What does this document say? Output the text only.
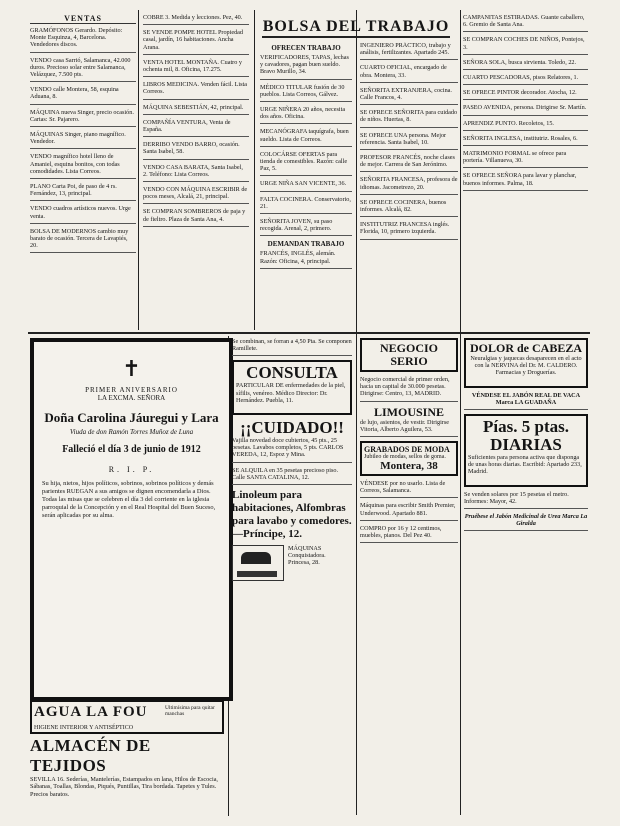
VENTAS
GRAMÓFONOS Gerardo. Depósito: Monte Esquinza, 4, Barcelona. Vendedores discos.
VENDO casa Sarrió, Salamanca, 42.000 duros. Precioso solar entre Salamanca, Velázquez, 7.500 pts.
VENDO calle Montera, 58, esquina Aduana, 8.
MÁQUINA nueva Singer, precio ocasión. Cartas: Sr. Pajarero.
MÁQUINAS Singer, piano magnífico. Vendedor.
VENDO magnífico hotel lleno de Amaniel, esquina bonitos, con todas comodidades. Lista Correos.
PLANO Carta Poi, de paso de 4 rs. Fernández, 13, principal.
VENDO cuadros artísticos nuevos. Urge venta.
BOLSA DE MODERNOS cambio muy barato de ocasión. Tercera de Lavapiés, 20.
COBRE 3. Medida y lecciones. Pez, 40.
SE VENDE POMPE HOTEL Propiedad casal, jardín, 16 habitaciones. Ancha Arana.
VENTA HOTEL MONTAÑA. Cuatro y ochenta mil, 8. Oficina, 17.275.
LIBROS MEDICINA. Venden fácil. Lista Correos.
MÁQUINA SEBESTIÁN, 42, principal.
COMPAÑÍA VENTURA, Venta de España.
DERRIBO VENDO BARRO, ocasión. Santa Isabel, 58.
VENDO CASA BARATA, Santa Isabel, 2. Teléfono: Lista Correos.
VENDO CON MÁQUINA ESCRIBIR de pocos meses, Alcalá, 21, principal.
SE COMPRAN SOMBREROS de paja y de fieltro. Plaza de Santa Ana, 4.
BOLSA DEL TRABAJO
OFRECEN TRABAJO
VERIFICADORES, TAPAS, lechas y cavadores, pagan buen sueldo. Bravo Murillo, 34.
MÉDICO TITULAR fusión de 30 pueblos. Lista Correos, Gálvez.
URGE NIÑERA 20 años, necesita dos años. Oficina.
MECANÓGRAFA taquígrafa, buen sueldo. Lista de Correos.
COLOCÁRSE OFERTAS para tienda de comestibles. Razón: calle Paz, 5.
URGE NIÑA SAN VICENTE, 36.
FALTA COCINERA. Conservatorio, 21.
SEÑORITA JOVEN, su paso recogida. Arenal, 2, primero.
DEMANDAN TRABAJO
FRANCÉS, INGLÉS, alemán. Razón: Oficina, 4, principal.
INGENIERO PRÁCTICO, trabajo y análisis, fertilizantes. Apartado 245.
CUARTO OFICIAL, encargado de obra. Montera, 33.
SEÑORITA EXTRANJERA, cocina. Calle Francos, 4.
SE OFRECE SEÑORITA para cuidado de niños. Huertas, 8.
SE OFRECE UNA persona. Mejor referencia. Santa Isabel, 10.
PROFESOR FRANCÉS, noche clases de mejor. Carrera de San Jerónimo.
SEÑORITA FRANCESA, profesora de idiomas. Jacometrezo, 20.
SE OFRECE COCINERA, buenos informes. Alcalá, 82.
INSTITUTRIZ FRANCESA inglés. Florida, 10, primero izquierda.
CAMPANITAS ESTIRADAS. Guante caballero, 6. Gremio de Santa Ana.
SE COMPRAN COCHES DE NIÑOS, Pontejos, 3.
SEÑORA SOLA, busca sirvienta. Toledo, 22.
CUARTO PESCADORAS, pisos Relatores, 1.
SE OFRECE PINTOR decorador. Atocha, 12.
PASEO AVENIDA, persona. Dirigirse Sr. Martín.
APRENDIZ PUNTO. Recoletos, 15.
SEÑORITA INGLESA, institutriz. Rosales, 6.
MATRIMONIO FORMAL se ofrece para portería. Villanueva, 30.
SE OFRECE SEÑORA para lavar y planchar, buenos informes. Palma, 18.
✝
PRIMER ANIVERSARIO
LA EXCMA. SEÑORA
Doña Carolina Jáuregui y Lara
Viuda de don Ramón Torres Muñoz de Luna
Falleció el día 3 de junio de 1912
R. I. P.
Su hija, nietos, hijos políticos, sobrinos, sobrinos políticos y demás parientes RUEGAN a sus amigos se dignen encomendarla a Dios. Todas las misas que se celebren el día 3 del corriente en la iglesia parroquial de la Concepción y en el Real Hospital del Buen Suceso, serán aplicadas por su alma.
AGUA LA FOU	Ultimísima para quitar manchas
HIGIENE INTERIOR Y ANTISÉPTICO
ALMACÉN DE TEJIDOS
SEVILLA 16. Sederías, Mantelerías, Estampados en lana, Hilos de Escocia, Sábanas, Toallas, Blondas, Piqués, Puntillas, Tira bordada. Tapetes y Tules. Precios baratos.
Se combinan, se forran a 4,50 Pta. Se componen Ramillete.
CONSULTA
PARTICULAR DE enfermedades de la piel, sífilis, venéreo. Médico Director: Dr. Hernández. Puebla, 11.
¡¡CUIDADO!!
Vajilla novedad doce cubiertos, 45 pts., 25 pesetas. Lavabos completos, 5 pts. CARLOS VEREDA, 12, Espoz y Mina.
SE ALQUILA en 35 pesetas precioso piso. Calle SANTA CATALINA, 12.
Linoleum para habitaciones, Alfombras para lavabo y comedores.—Príncipe, 12.
MÁQUINAS Conquistadora. Princesa, 28.
NEGOCIO SERIO
Negocio comercial de primer orden, hacia un capital de 30.000 pesetas. Dirigirse: Centro, 13, MADRID.
LIMOUSINE
de lujo, asientos, de vestir. Dirigirse Vitoria, Alberto Aguilera, 53.
GRABADOS DE MODA
Jubileo de modas, sellos de goma.
Montera, 38
VÉNDESE por no usarlo. Lista de Correos, Salamanca.
Máquinas para escribir Smith Premier, Underwood. Apartado 881.
COMPRO por 16 y 12 centimos, muebles, pianos. Del Pez 40.
DOLOR de CABEZA
Neuralgias y jaquecas desaparecen en el acto con la NERVINA del Dr. M. CALDERO. Farmacias y Droguerías.
VÉNDESE EL JABÓN REAL DE VACA Marca LA GUADAÑA
Pías. 5 ptas. DIARIAS
Suficientes para persona activa que disponga de unas horas diarias. Escribid: Apartado 233, Madrid.
Se venden solares por 15 pesetas el metro. Informes: Mayor, 42.
Pruébese el Jabón Medicinal de Urea Marca La Giralda
